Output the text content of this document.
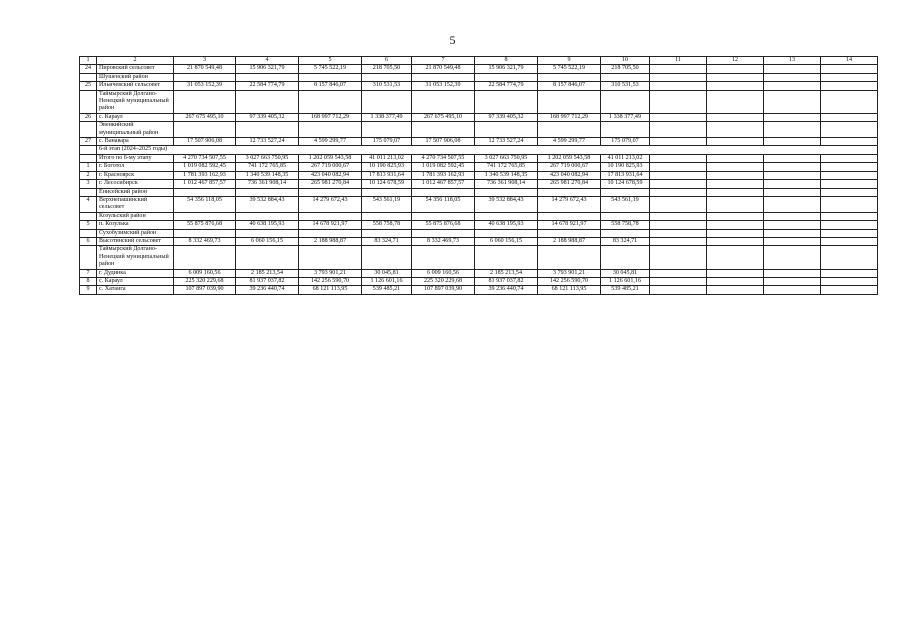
5
1	2	3	4	5	6	7	8	9	10	11	12	13	14
24	Пировский сельсовет	21 870 549,48	15 906 321,79	5 745 522,19	218 705,50	21 870 549,48	15 906 321,79	5 745 522,19	218 705,50				
	Шушенский район												
25	Ильичевский сельсовет	31 053 152,39	22 584 774,79	8 157 846,07	310 531,53	31 053 152,39	22 584 774,79	8 157 846,07	310 531,53				
	Таймырский Долгано-Ненецкий муниципальный район												
26	с. Караул	267 675 495,10	97 339 405,32	168 997 712,29	1 338 377,49	267 675 495,10	97 339 405,32	168 997 712,29	1 338 377,49				
	Эвенкийский муниципальный район												
27	с. Ванавара	17 507 906,08	12 733 527,24	4 599 299,77	175 079,07	17 507 906,08	12 733 527,24	4 599 299,77	175 079,07				
	6-й этап (2024–2025 годы)												
	Итого по 6-му этапу	4 270 734 507,55	3 027 663 750,95	1 202 059 543,58	41 011 213,02	4 270 734 507,55	3 027 663 750,95	1 202 059 543,58	41 011 213,02				
1	г. Боготол	1 019 082 592,45	741 172 765,85	267 719 000,67	10 190 825,93	1 019 082 592,45	741 172 765,85	267 719 000,67	10 190 825,93				
2	г. Красноярск	1 781 393 162,93	1 340 539 148,35	423 040 082,94	17 813 931,64	1 781 393 162,93	1 340 539 148,35	423 040 082,94	17 813 931,64				
3	г. Лесосибирск	1 012 467 857,57	736 361 908,14	265 981 270,84	10 124 678,59	1 012 467 857,57	736 361 908,14	265 981 270,84	10 124 678,59				
	Енисейский район												
4	Верхнепашинский сельсовет	54 356 118,05	39 532 884,43	14 279 672,43	543 561,19	54 356 118,05	39 532 884,43	14 279 672,43	543 561,19				
	Козульский район												
5	п. Козулька	55 875 876,68	40 638 195,93	14 678 921,97	558 758,78	55 875 876,68	40 638 195,93	14 678 921,97	558 758,78				
	Сухобузимский район												
6	Высотинский сельсовет	8 332 469,73	6 060 156,15	2 188 988,87	83 324,71	8 332 469,73	6 060 156,15	2 188 988,87	83 324,71				
	Таймырский Долгано-Ненецкий муниципальный район												
7	г. Дудинка	6 009 160,56	2 185 213,54	3 793 901,21	30 045,81	6 009 160,56	2 185 213,54	3 793 901,21	30 045,81				
8	с. Караул	225 320 229,68	81 937 037,82	142 256 590,70	1 126 601,16	225 320 229,68	81 937 037,82	142 256 590,70	1 126 601,16				
9	с. Хатанга	107 897 039,90	39 236 440,74	68 121 113,95	539 485,21	107 897 039,90	39 236 440,74	68 121 113,95	539 485,21				
